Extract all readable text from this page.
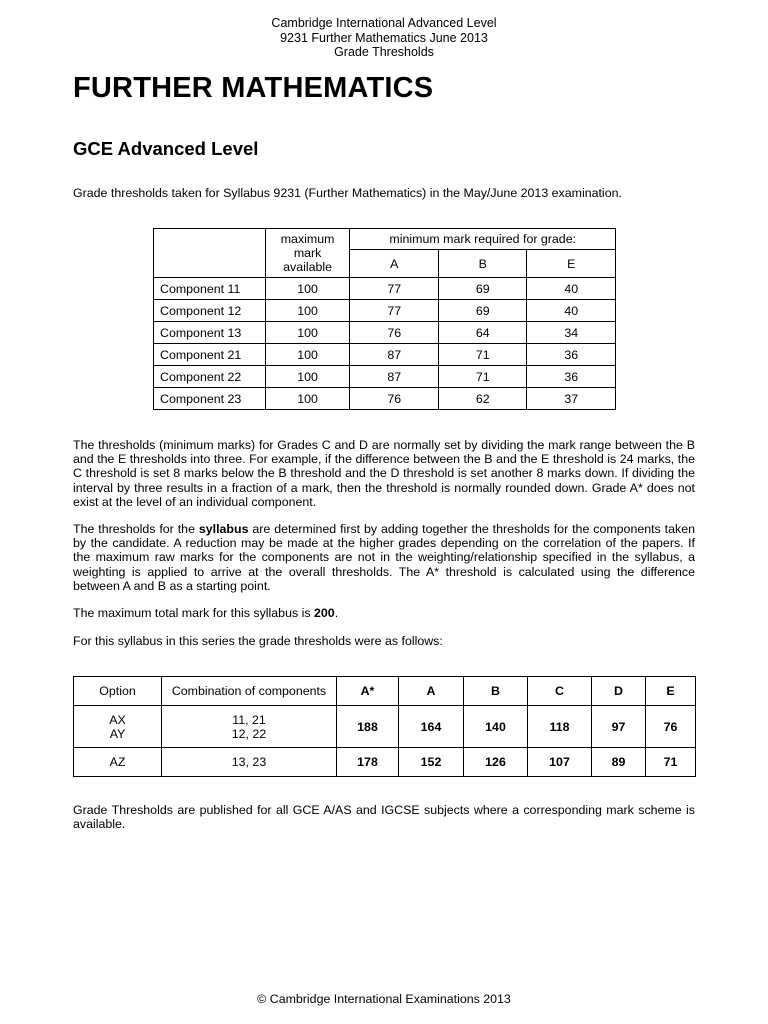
Cambridge International Advanced Level
9231 Further Mathematics June 2013
Grade Thresholds
FURTHER MATHEMATICS
GCE Advanced Level

Grade thresholds taken for Syllabus 9231 (Further Mathematics) in the May/June 2013 examination.

	maximum
mark
available	minimum mark required for grade:		
		A	B	E
Component 11	100	77	69	40
Component 12	100	77	69	40
Component 13	100	76	64	34
Component 21	100	87	71	36
Component 22	100	87	71	36
Component 23	100	76	62	37

The thresholds (minimum marks) for Grades C and D are normally set by dividing the mark range between the B and the E thresholds into three. For example, if the difference between the B and the E threshold is 24 marks, the C threshold is set 8 marks below the B threshold and the D threshold is set another 8 marks down. If dividing the interval by three results in a fraction of a mark, then the threshold is normally rounded down. Grade A* does not exist at the level of an individual component.

The thresholds for the syllabus are determined first by adding together the thresholds for the components taken by the candidate. A reduction may be made at the higher grades depending on the correlation of the papers. If the maximum raw marks for the components are not in the weighting/relationship specified in the syllabus, a weighting is applied to arrive at the overall thresholds. The A* threshold is calculated using the difference between A and B as a starting point.

The maximum total mark for this syllabus is 200.

For this syllabus in this series the grade thresholds were as follows:

Option	Combination of components	A*	A	B	C	D	E
AX
AY	11, 21
12, 22	188	164	140	118	97	76
AZ	13, 23	178	152	126	107	89	71

Grade Thresholds are published for all GCE A/AS and IGCSE subjects where a corresponding mark scheme is available.

© Cambridge International Examinations 2013
